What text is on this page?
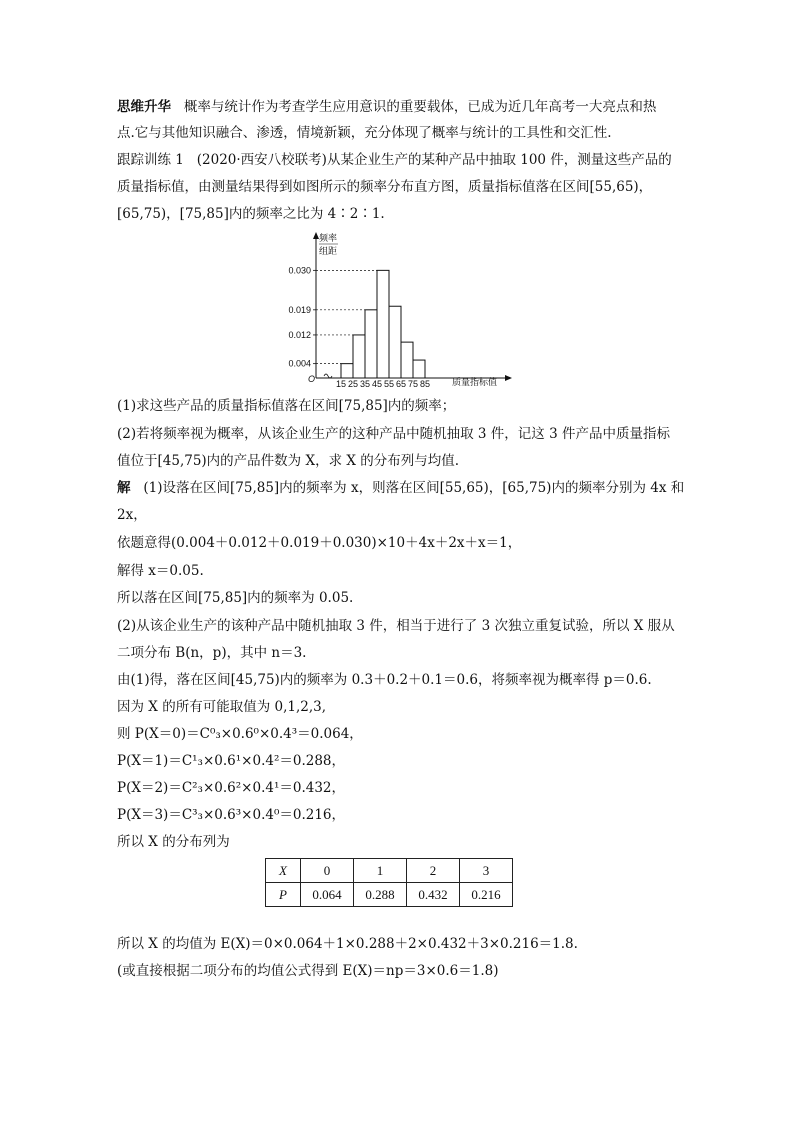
思维升华 概率与统计作为考查学生应用意识的重要载体，已成为近几年高考一大亮点和热
点.它与其他知识融合、渗透，情境新颖，充分体现了概率与统计的工具性和交汇性.
跟踪训练 1 (2020·西安八校联考)从某企业生产的某种产品中抽取 100 件，测量这些产品的
质量指标值，由测量结果得到如图所示的频率分布直方图，质量指标值落在区间[55,65)，
[65,75)，[75,85]内的频率之比为 4∶2∶1.
频率
组距
质量指标值
O
0.004
0.012
0.019
0.030
15 25 35 45 55 65 75 85
(1)求这些产品的质量指标值落在区间[75,85]内的频率；
(2)若将频率视为概率，从该企业生产的这种产品中随机抽取 3 件，记这 3 件产品中质量指标
值位于[45,75)内的产品件数为 X，求 X 的分布列与均值.
解 (1)设落在区间[75,85]内的频率为 x，则落在区间[55,65)，[65,75)内的频率分别为 4x 和
2x，
依题意得(0.004＋0.012＋0.019＋0.030)×10＋4x＋2x＋x＝1，
解得 x＝0.05.
所以落在区间[75,85]内的频率为 0.05.
(2)从该企业生产的该种产品中随机抽取 3 件，相当于进行了 3 次独立重复试验，所以 X 服从
二项分布 B(n，p)，其中 n＝3.
由(1)得，落在区间[45,75)内的频率为 0.3＋0.2＋0.1＝0.6，将频率视为概率得 p＝0.6.
因为 X 的所有可能取值为 0,1,2,3,
则 P(X＝0)＝C⁰₃×0.6⁰×0.4³＝0.064，
P(X＝1)＝C¹₃×0.6¹×0.4²＝0.288，
P(X＝2)＝C²₃×0.6²×0.4¹＝0.432，
P(X＝3)＝C³₃×0.6³×0.4⁰＝0.216，
所以 X 的分布列为
X	0	1	2	3
P	0.064	0.288	0.432	0.216
所以 X 的均值为 E(X)＝0×0.064＋1×0.288＋2×0.432＋3×0.216＝1.8.
(或直接根据二项分布的均值公式得到 E(X)＝np＝3×0.6＝1.8)
